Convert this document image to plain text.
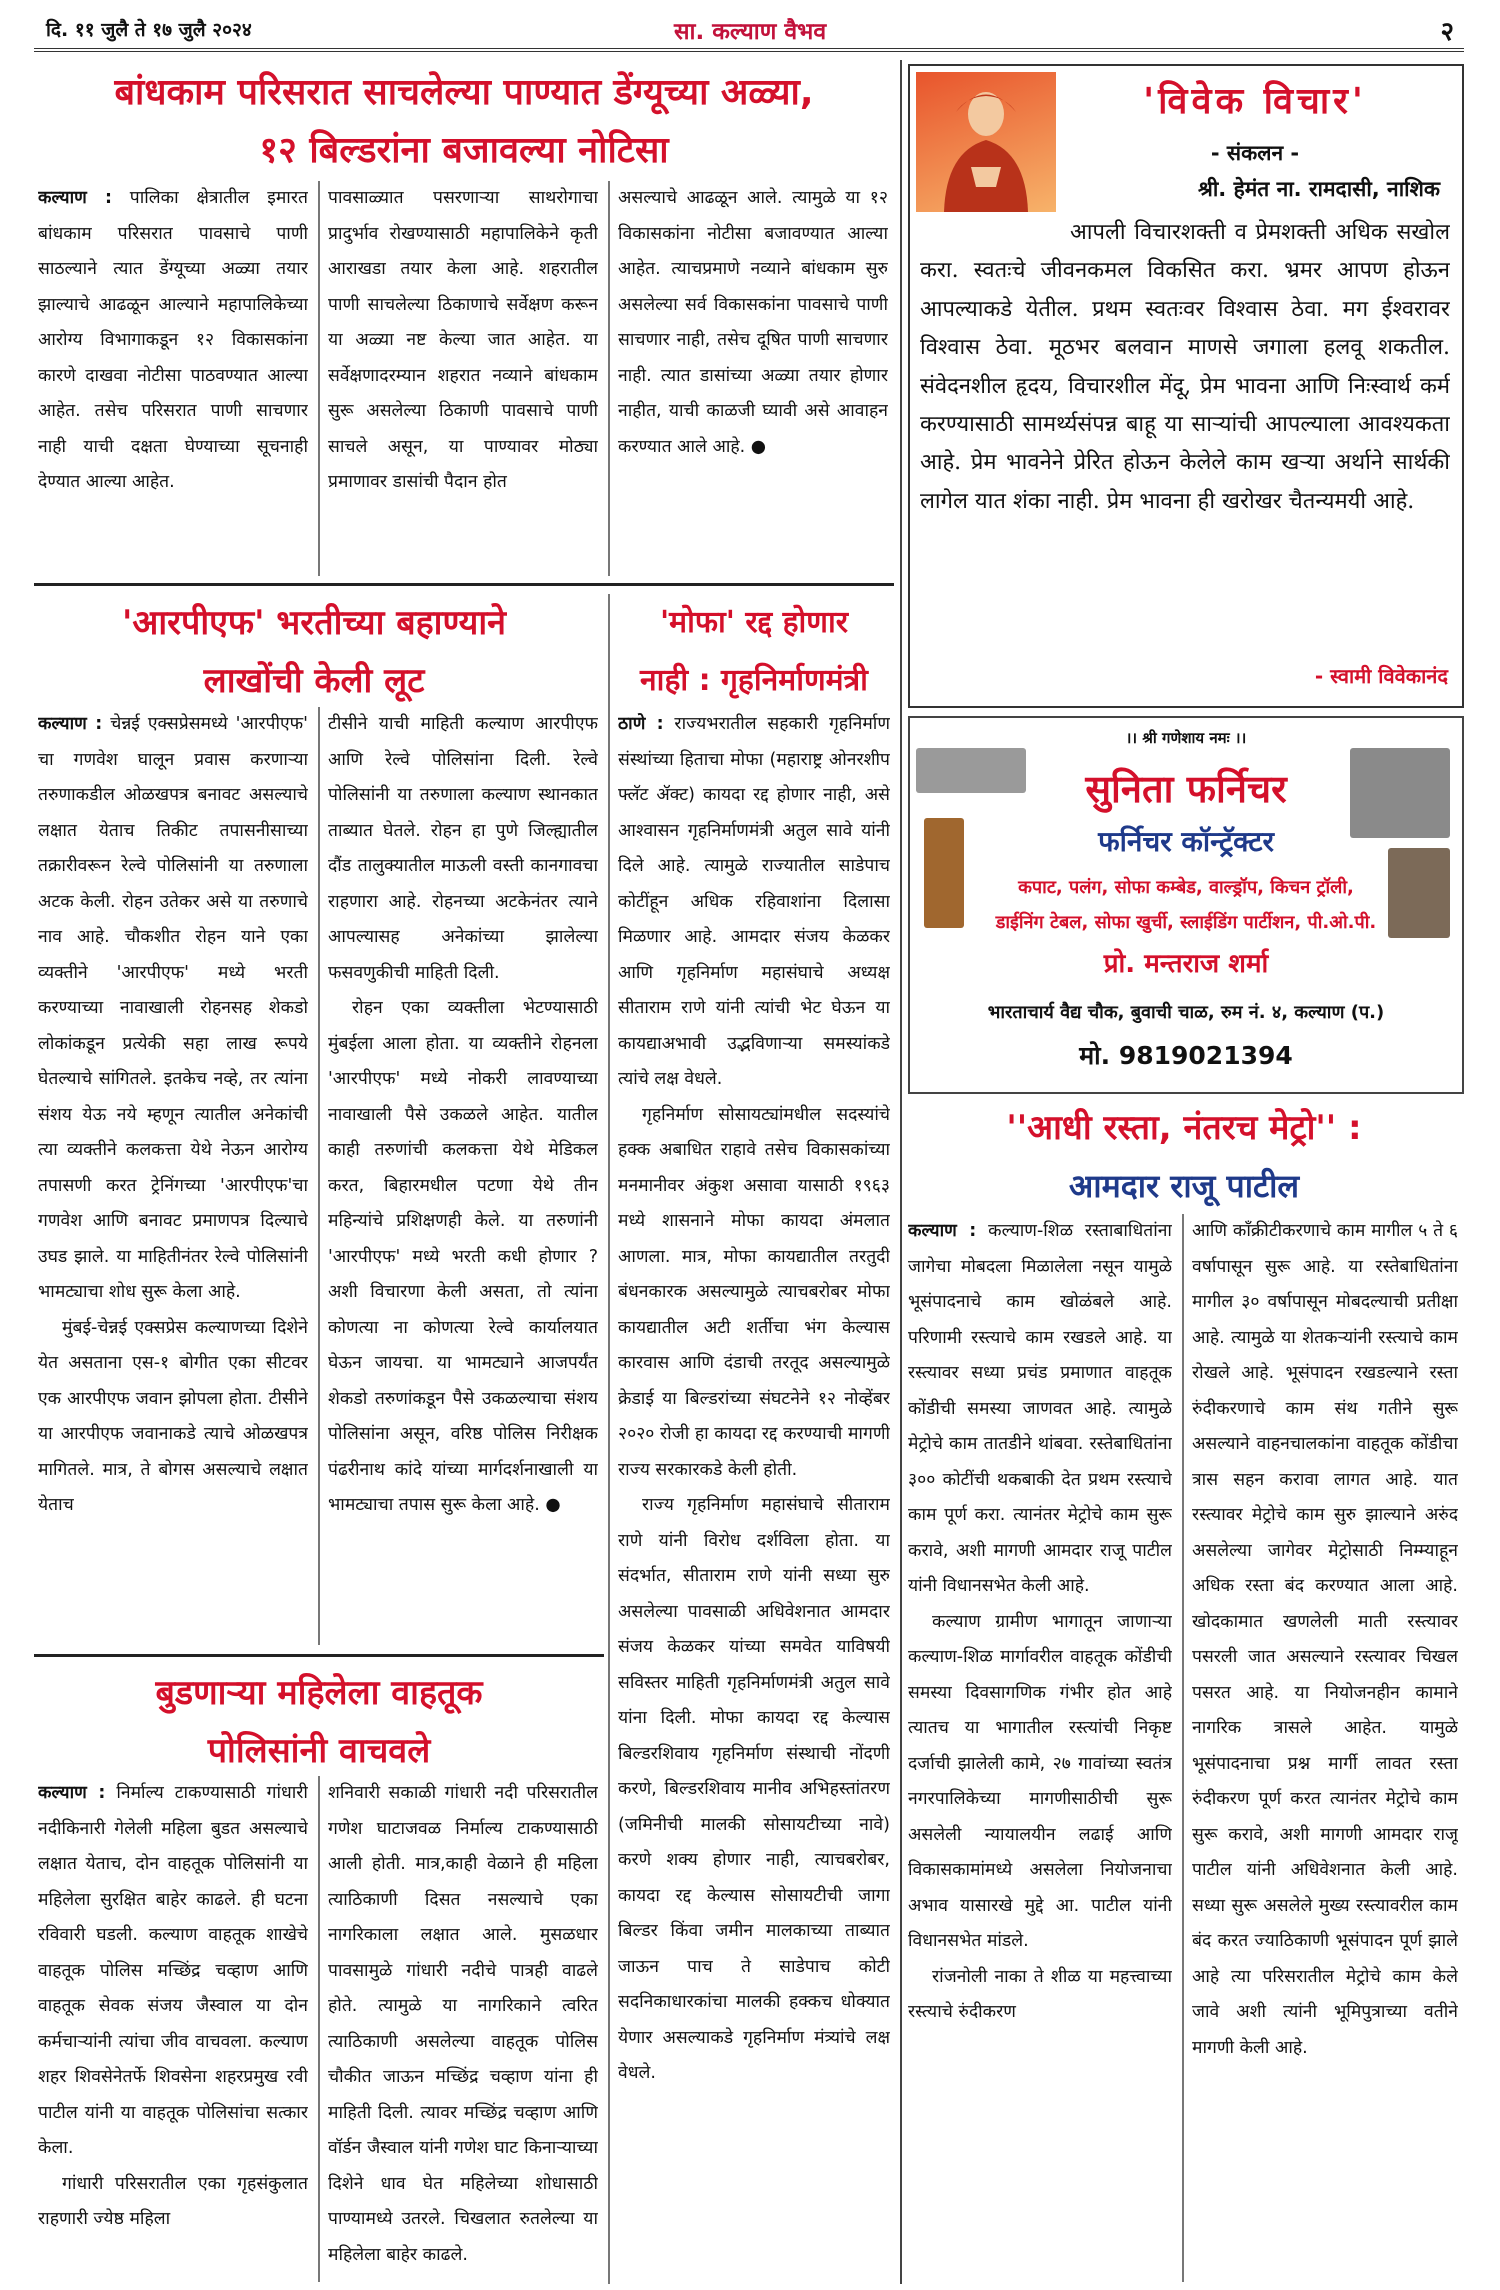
दि. ११ जुलै ते १७ जुलै २०२४	सा. कल्याण वैभव	२
बांधकाम परिसरात साचलेल्या पाण्यात डेंग्यूच्या अळ्या,
१२ बिल्डरांना बजावल्या नोटिसा

कल्याण : पालिका क्षेत्रातील इमारत बांधकाम परिसरात पावसाचे पाणी साठल्याने त्यात डेंग्यूच्या अळ्या तयार झाल्याचे आढळून आल्याने महापालिकेच्या आरोग्य विभागाकडून १२ विकासकांना कारणे दाखवा नोटीसा पाठवण्यात आल्या आहेत. तसेच परिसरात पाणी साचणार नाही याची दक्षता घेण्याच्या सूचनाही देण्यात आल्या आहेत.

पावसाळ्यात पसरणाऱ्या साथरोगाचा प्रादुर्भाव रोखण्यासाठी महापालिकेने कृती आराखडा तयार केला आहे. शहरातील पाणी साचलेल्या ठिकाणाचे सर्वेक्षण करून या अळ्या नष्ट केल्या जात आहेत. या सर्वेक्षणादरम्यान शहरात नव्याने बांधकाम सुरू असलेल्या ठिकाणी पावसाचे पाणी साचले असून, या पाण्यावर मोठ्या प्रमाणावर डासांची पैदान होत

असल्याचे आढळून आले. त्यामुळे या १२ विकासकांना नोटीसा बजावण्यात आल्या आहेत. त्याचप्रमाणे नव्याने बांधकाम सुरु असलेल्या सर्व विकासकांना पावसाचे पाणी साचणार नाही, तसेच दूषित पाणी साचणार नाही. त्यात डासांच्या अळ्या तयार होणार नाहीत, याची काळजी घ्यावी असे आवाहन करण्यात आले आहे. ●

'आरपीएफ' भरतीच्या बहाण्याने
लाखोंची केली लूट

कल्याण : चेन्नई एक्सप्रेसमध्ये 'आरपीएफ' चा गणवेश घालून प्रवास करणाऱ्या तरुणाकडील ओळखपत्र बनावट असल्याचे लक्षात येताच तिकीट तपासनीसाच्या तक्रारीवरून रेल्वे पोलिसांनी या तरुणाला अटक केली. रोहन उतेकर असे या तरुणाचे नाव आहे. चौकशीत रोहन याने एका व्यक्तीने 'आरपीएफ' मध्ये भरती करण्याच्या नावाखाली रोहनसह शेकडो लोकांकडून प्रत्येकी सहा लाख रूपये घेतल्याचे सांगितले. इतकेच नव्हे, तर त्यांना संशय येऊ नये म्हणून त्यातील अनेकांची त्या व्यक्तीने कलकत्ता येथे नेऊन आरोग्य तपासणी करत ट्रेनिंगच्या 'आरपीएफ'चा गणवेश आणि बनावट प्रमाणपत्र दिल्याचे उघड झाले. या माहितीनंतर रेल्वे पोलिसांनी भामट्याचा शोध सुरू केला आहे.

मुंबई-चेन्नई एक्सप्रेस कल्याणच्या दिशेने येत असताना एस-१ बोगीत एका सीटवर एक आरपीएफ जवान झोपला होता. टीसीने या आरपीएफ जवानाकडे त्याचे ओळखपत्र मागितले. मात्र, ते बोगस असल्याचे लक्षात येताच

टीसीने याची माहिती कल्याण आरपीएफ आणि रेल्वे पोलिसांना दिली. रेल्वे पोलिसांनी या तरुणाला कल्याण स्थानकात ताब्यात घेतले. रोहन हा पुणे जिल्ह्यातील दौंड तालुक्यातील माऊली वस्ती कानगावचा राहणारा आहे. रोहनच्या अटकेनंतर त्याने आपल्यासह अनेकांच्या झालेल्या फसवणुकीची माहिती दिली.

रोहन एका व्यक्तीला भेटण्यासाठी मुंबईला आला होता. या व्यक्तीने रोहनला 'आरपीएफ' मध्ये नोकरी लावण्याच्या नावाखाली पैसे उकळले आहेत. यातील काही तरुणांची कलकत्ता येथे मेडिकल करत, बिहारमधील पटणा येथे तीन महिन्यांचे प्रशिक्षणही केले. या तरुणांनी 'आरपीएफ' मध्ये भरती कधी होणार ? अशी विचारणा केली असता, तो त्यांना कोणत्या ना कोणत्या रेल्वे कार्यालयात घेऊन जायचा. या भामट्याने आजपर्यंत शेकडो तरुणांकडून पैसे उकळल्याचा संशय पोलिसांना असून, वरिष्ठ पोलिस निरीक्षक पंढरीनाथ कांदे यांच्या मार्गदर्शनाखाली या भामट्याचा तपास सुरू केला आहे. ●

'मोफा' रद्द होणार
नाही : गृहनिर्माणमंत्री

ठाणे : राज्यभरातील सहकारी गृहनिर्माण संस्थांच्या हिताचा मोफा (महाराष्ट्र ओनरशीप फ्लॅट ॲक्ट) कायदा रद्द होणार नाही, असे आश्वासन गृहनिर्माणमंत्री अतुल सावे यांनी दिले आहे. त्यामुळे राज्यातील साडेपाच कोटींहून अधिक रहिवाशांना दिलासा मिळणार आहे. आमदार संजय केळकर आणि गृहनिर्माण महासंघाचे अध्यक्ष सीताराम राणे यांनी त्यांची भेट घेऊन या कायद्याअभावी उद्भविणाऱ्या समस्यांकडे त्यांचे लक्ष वेधले.

गृहनिर्माण सोसायट्यांमधील सदस्यांचे हक्क अबाधित राहावे तसेच विकासकांच्या मनमानीवर अंकुश असावा यासाठी १९६३ मध्ये शासनाने मोफा कायदा अंमलात आणला. मात्र, मोफा कायद्यातील तरतुदी बंधनकारक असल्यामुळे त्याचबरोबर मोफा कायद्यातील अटी शर्तीचा भंग केल्यास कारवास आणि दंडाची तरतूद असल्यामुळे क्रेडाई या बिल्डरांच्या संघटनेने १२ नोव्हेंबर २०२० रोजी हा कायदा रद्द करण्याची मागणी राज्य सरकारकडे केली होती.

राज्य गृहनिर्माण महासंघाचे सीताराम राणे यांनी विरोध दर्शविला होता. या संदर्भात, सीताराम राणे यांनी सध्या सुरु असलेल्या पावसाळी अधिवेशनात आमदार संजय केळकर यांच्या समवेत याविषयी सविस्तर माहिती गृहनिर्माणमंत्री अतुल सावे यांना दिली. मोफा कायदा रद्द केल्यास बिल्डरशिवाय गृहनिर्माण संस्थाची नोंदणी करणे, बिल्डरशिवाय मानीव अभिहस्तांतरण (जमिनीची मालकी सोसायटीच्या नावे) करणे शक्य होणार नाही, त्याचबरोबर, कायदा रद्द केल्यास सोसायटीची जागा बिल्डर किंवा जमीन मालकाच्या ताब्यात जाऊन पाच ते साडेपाच कोटी सदनिकाधारकांचा मालकी हक्कच धोक्यात येणार असल्याकडे गृहनिर्माण मंत्र्यांचे लक्ष वेधले.

बुडणाऱ्या महिलेला वाहतूक
पोलिसांनी वाचवले

कल्याण : निर्माल्य टाकण्यासाठी गांधारी नदीकिनारी गेलेली महिला बुडत असल्याचे लक्षात येताच, दोन वाहतूक पोलिसांनी या महिलेला सुरक्षित बाहेर काढले. ही घटना रविवारी घडली. कल्याण वाहतूक शाखेचे वाहतूक पोलिस मच्छिंद्र चव्हाण आणि वाहतूक सेवक संजय जैस्वाल या दोन कर्मचाऱ्यांनी त्यांचा जीव वाचवला. कल्याण शहर शिवसेनेतर्फे शिवसेना शहरप्रमुख रवी पाटील यांनी या वाहतूक पोलिसांचा सत्कार केला.

गांधारी परिसरातील एका गृहसंकुलात राहणारी ज्येष्ठ महिला

शनिवारी सकाळी गांधारी नदी परिसरातील गणेश घाटाजवळ निर्माल्य टाकण्यासाठी आली होती. मात्र,काही वेळाने ही महिला त्याठिकाणी दिसत नसल्याचे एका नागरिकाला लक्षात आले. मुसळधार पावसामुळे गांधारी नदीचे पात्रही वाढले होते. त्यामुळे या नागरिकाने त्वरित त्याठिकाणी असलेल्या वाहतूक पोलिस चौकीत जाऊन मच्छिंद्र चव्हाण यांना ही माहिती दिली. त्यावर मच्छिंद्र चव्हाण आणि वॉर्डन जैस्वाल यांनी गणेश घाट किनाऱ्याच्या दिशेने धाव घेत महिलेच्या शोधासाठी पाण्यामध्ये उतरले. चिखलात रुतलेल्या या महिलेला बाहेर काढले.

'विवेक विचार'
- संकलन -
श्री. हेमंत ना. रामदासी, नाशिक
आपली विचारशक्ती व प्रेमशक्ती अधिक सखोल करा. स्वतःचे जीवनकमल विकसित करा. भ्रमर आपण होऊन आपल्याकडे येतील. प्रथम स्वतःवर विश्वास ठेवा. मग ईश्वरावर विश्वास ठेवा. मूठभर बलवान माणसे जगाला हलवू शकतील. संवेदनशील हृदय, विचारशील मेंदू, प्रेम भावना आणि निःस्वार्थ कर्म करण्यासाठी सामर्थ्यसंपन्न बाहू या साऱ्यांची आपल्याला आवश्यकता आहे. प्रेम भावनेने प्रेरित होऊन केलेले काम खऱ्या अर्थाने सार्थकी लागेल यात शंका नाही. प्रेम भावना ही खरोखर चैतन्यमयी आहे.
- स्वामी विवेकानंद
।। श्री गणेशाय नमः ।।
सुनिता फर्निचर
फर्निचर कॉन्ट्रॅक्टर
कपाट, पलंग, सोफा कम्बेड, वाल्ड्रॉप, किचन ट्रॉली,
डाईनिंग टेबल, सोफा खुर्ची, स्लाईडिंग पार्टीशन, पी.ओ.पी.
प्रो. मन्तराज शर्मा
भारताचार्य वैद्य चौक, बुवाची चाळ, रुम नं. ४, कल्याण (प.)
मो. 9819021394
''आधी रस्ता, नंतरच मेट्रो'' :
आमदार राजू पाटील

कल्याण : कल्याण-शिळ रस्ताबाधितांना जागेचा मोबदला मिळालेला नसून यामुळे भूसंपादनाचे काम खोळंबले आहे. परिणामी रस्त्याचे काम रखडले आहे. या रस्त्यावर सध्या प्रचंड प्रमाणात वाहतूक कोंडीची समस्या जाणवत आहे. त्यामुळे मेट्रोचे काम तातडीने थांबवा. रस्तेबाधितांना ३०० कोटींची थकबाकी देत प्रथम रस्त्याचे काम पूर्ण करा. त्यानंतर मेट्रोचे काम सुरू करावे, अशी मागणी आमदार राजू पाटील यांनी विधानसभेत केली आहे.

कल्याण ग्रामीण भागातून जाणाऱ्या कल्याण-शिळ मार्गावरील वाहतूक कोंडीची समस्या दिवसागणिक गंभीर होत आहे त्यातच या भागातील रस्त्यांची निकृष्ट दर्जाची झालेली कामे, २७ गावांच्या स्वतंत्र नगरपालिकेच्या मागणीसाठीची सुरू असलेली न्यायालयीन लढाई आणि विकासकामांमध्ये असलेला नियोजनाचा अभाव यासारखे मुद्दे आ. पाटील यांनी विधानसभेत मांडले.

रांजनोली नाका ते शीळ या महत्त्वाच्या रस्त्याचे रुंदीकरण

आणि काँक्रीटीकरणाचे काम मागील ५ ते ६ वर्षापासून सुरू आहे. या रस्तेबाधितांना मागील ३० वर्षापासून मोबदल्याची प्रतीक्षा आहे. त्यामुळे या शेतकऱ्यांनी रस्त्याचे काम रोखले आहे. भूसंपादन रखडल्याने रस्ता रुंदीकरणाचे काम संथ गतीने सुरू असल्याने वाहनचालकांना वाहतूक कोंडीचा त्रास सहन करावा लागत आहे. यात रस्त्यावर मेट्रोचे काम सुरु झाल्याने अरुंद असलेल्या जागेवर मेट्रोसाठी निम्म्याहून अधिक रस्ता बंद करण्यात आला आहे. खोदकामात खणलेली माती रस्त्यावर पसरली जात असल्याने रस्त्यावर चिखल पसरत आहे. या नियोजनहीन कामाने नागरिक त्रासले आहेत. यामुळे भूसंपादनाचा प्रश्न मार्गी लावत रस्ता रुंदीकरण पूर्ण करत त्यानंतर मेट्रोचे काम सुरू करावे, अशी मागणी आमदार राजू पाटील यांनी अधिवेशनात केली आहे. सध्या सुरू असलेले मुख्य रस्त्यावरील काम बंद करत ज्याठिकाणी भूसंपादन पूर्ण झाले आहे त्या परिसरातील मेट्रोचे काम केले जावे अशी त्यांनी भूमिपुत्राच्या वतीने मागणी केली आहे.
